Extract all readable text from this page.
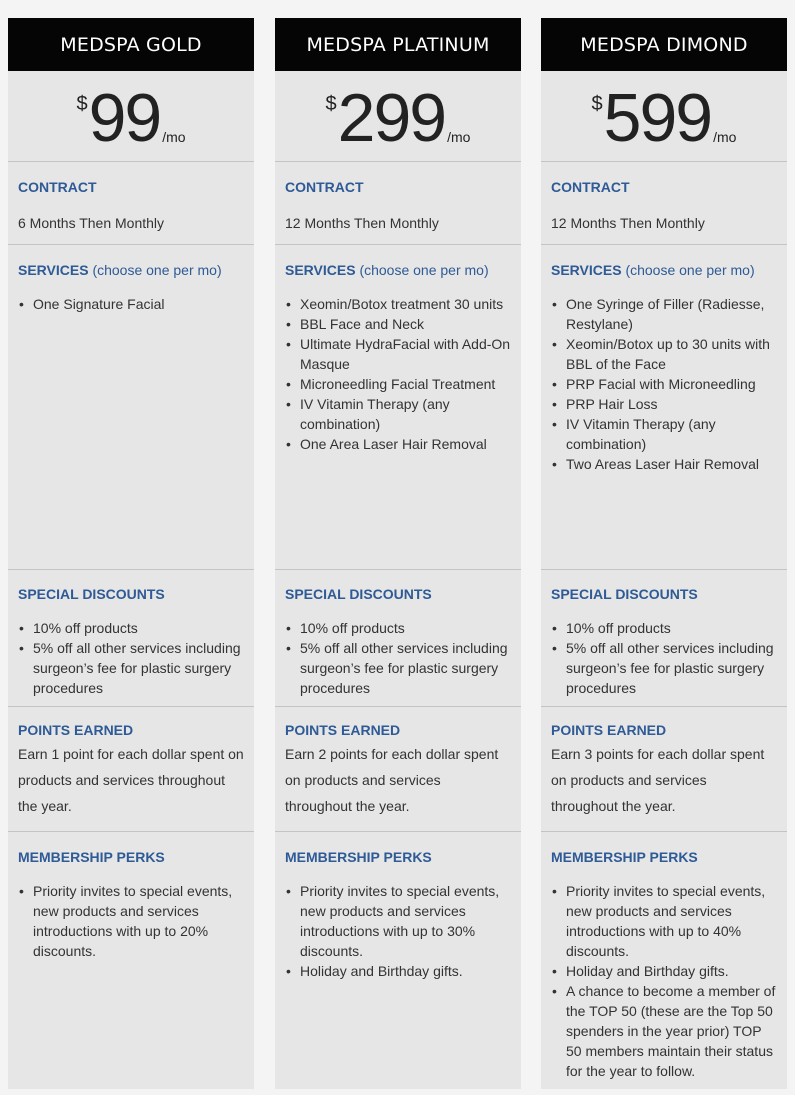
MEDSPA GOLD
$99 /mo
CONTRACT
6 Months Then Monthly
SERVICES (choose one per mo)
• One Signature Facial
SPECIAL DISCOUNTS
• 10% off products
• 5% off all other services including surgeon’s fee for plastic surgery procedures
POINTS EARNED
Earn 1 point for each dollar spent on products and services throughout the year.
MEMBERSHIP PERKS
• Priority invites to special events, new products and services introductions with up to 20% discounts.
MEDSPA PLATINUM
$299 /mo
CONTRACT
12 Months Then Monthly
SERVICES (choose one per mo)
• Xeomin/Botox treatment 30 units
• BBL Face and Neck
• Ultimate HydraFacial with Add-On Masque
• Microneedling Facial Treatment
• IV Vitamin Therapy (any combination)
• One Area Laser Hair Removal
SPECIAL DISCOUNTS
• 10% off products
• 5% off all other services including surgeon’s fee for plastic surgery procedures
POINTS EARNED
Earn 2 points for each dollar spent on products and services throughout the year.
MEMBERSHIP PERKS
• Priority invites to special events, new products and services introductions with up to 30% discounts.
• Holiday and Birthday gifts.
MEDSPA DIMOND
$599 /mo
CONTRACT
12 Months Then Monthly
SERVICES (choose one per mo)
• One Syringe of Filler (Radiesse, Restylane)
• Xeomin/Botox up to 30 units with BBL of the Face
• PRP Facial with Microneedling
• PRP Hair Loss
• IV Vitamin Therapy (any combination)
• Two Areas Laser Hair Removal
SPECIAL DISCOUNTS
• 10% off products
• 5% off all other services including surgeon’s fee for plastic surgery procedures
POINTS EARNED
Earn 3 points for each dollar spent on products and services throughout the year.
MEMBERSHIP PERKS
• Priority invites to special events, new products and services introductions with up to 40% discounts.
• Holiday and Birthday gifts.
• A chance to become a member of the TOP 50 (these are the Top 50 spenders in the year prior) TOP 50 members maintain their status for the year to follow.
